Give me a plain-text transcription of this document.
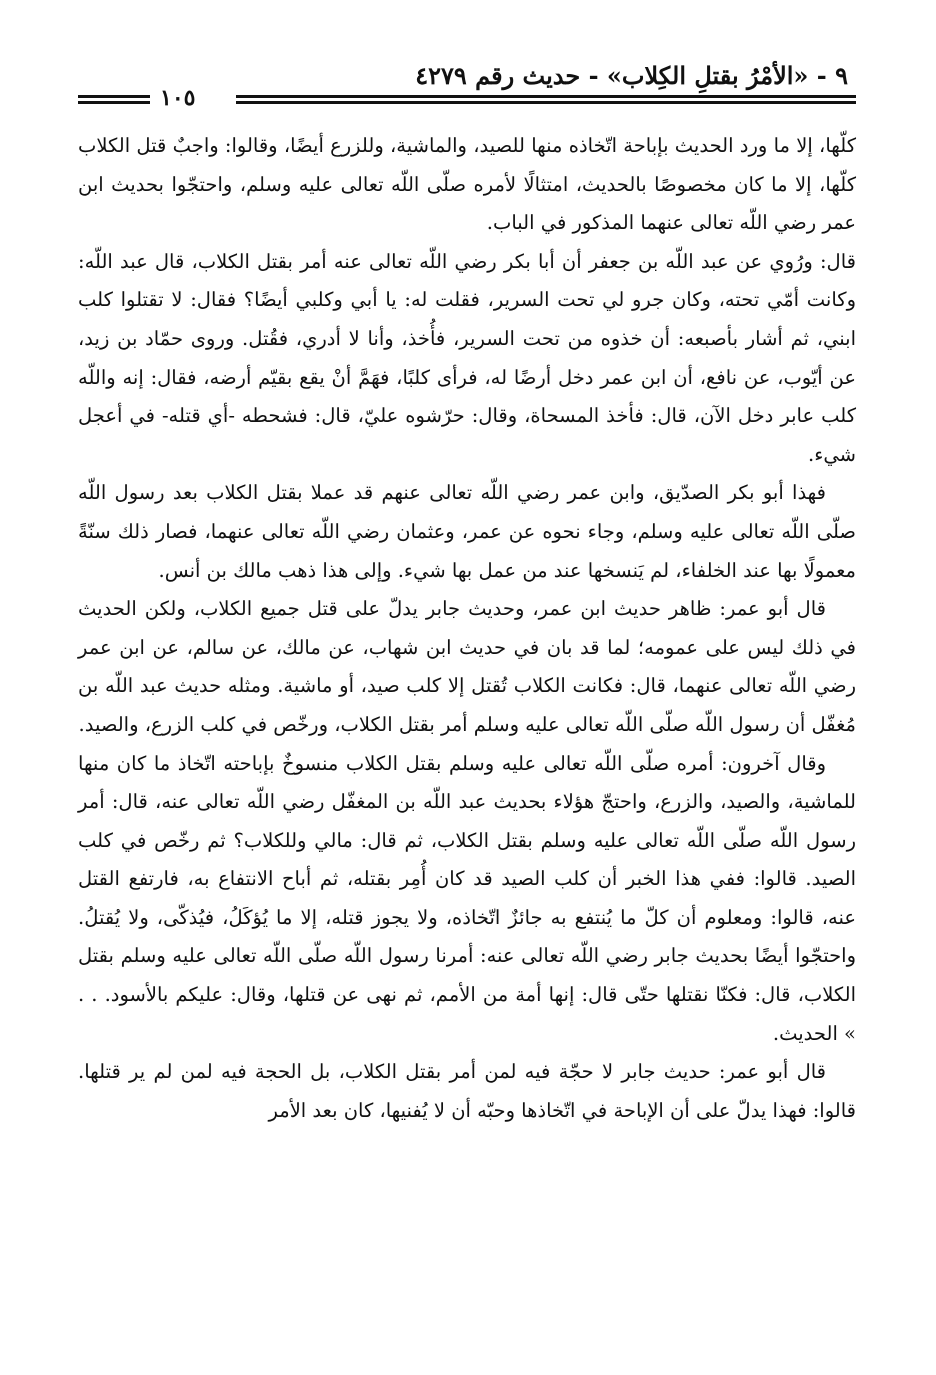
٩ - «الأمْرُ بقتلِ الكِلاب» - حديث رقم ٤٢٧٩
١٠٥

كلّها، إلا ما ورد الحديث بإباحة اتّخاذه منها للصيد، والماشية، وللزرع أيضًا، وقالوا: واجبٌ قتل الكلاب كلّها، إلا ما كان مخصوصًا بالحديث، امتثالًا لأمره صلّى اللّه تعالى عليه وسلم، واحتجّوا بحديث ابن عمر رضي اللّه تعالى عنهما المذكور في الباب.

قال: ورُوي عن عبد اللّه بن جعفر أن أبا بكر رضي اللّه تعالى عنه أمر بقتل الكلاب، قال عبد اللّه: وكانت أمّي تحته، وكان جرو لي تحت السرير، فقلت له: يا أبي وكلبي أيضًا؟ فقال: لا تقتلوا كلب ابني، ثم أشار بأصبعه: أن خذوه من تحت السرير، فأُخذ، وأنا لا أدري، فقُتل. وروى حمّاد بن زيد، عن أيّوب، عن نافع، أن ابن عمر دخل أرضًا له، فرأى كلبًا، فهَمَّ أنْ يقع بقيّم أرضه، فقال: إنه واللّه كلب عابر دخل الآن، قال: فأخذ المسحاة، وقال: حرّشوه عليّ، قال: فشحطه -أي قتله- في أعجل شيء.

فهذا أبو بكر الصدّيق، وابن عمر رضي اللّه تعالى عنهم قد عملا بقتل الكلاب بعد رسول اللّه صلّى اللّه تعالى عليه وسلم، وجاء نحوه عن عمر، وعثمان رضي اللّه تعالى عنهما، فصار ذلك سنّةً معمولًا بها عند الخلفاء، لم يَنسخها عند من عمل بها شيء. وإلى هذا ذهب مالك بن أنس.

قال أبو عمر: ظاهر حديث ابن عمر، وحديث جابر يدلّ على قتل جميع الكلاب، ولكن الحديث في ذلك ليس على عمومه؛ لما قد بان في حديث ابن شهاب، عن مالك، عن سالم، عن ابن عمر رضي اللّه تعالى عنهما، قال: فكانت الكلاب تُقتل إلا كلب صيد، أو ماشية. ومثله حديث عبد اللّه بن مُغفّل أن رسول اللّه صلّى اللّه تعالى عليه وسلم أمر بقتل الكلاب، ورخّص في كلب الزرع، والصيد.

وقال آخرون: أمره صلّى اللّه تعالى عليه وسلم بقتل الكلاب منسوخٌ بإباحته اتّخاذ ما كان منها للماشية، والصيد، والزرع، واحتجّ هؤلاء بحديث عبد اللّه بن المغفّل رضي اللّه تعالى عنه، قال: أمر رسول اللّه صلّى اللّه تعالى عليه وسلم بقتل الكلاب، ثم قال: مالي وللكلاب؟ ثم رخّص في كلب الصيد. قالوا: ففي هذا الخبر أن كلب الصيد قد كان أُمِر بقتله، ثم أباح الانتفاع به، فارتفع القتل عنه، قالوا: ومعلوم أن كلّ ما يُنتفع به جائزٌ اتّخاذه، ولا يجوز قتله، إلا ما يُؤكَلُ، فيُذكّى، ولا يُقتلُ. واحتجّوا أيضًا بحديث جابر رضي اللّه تعالى عنه: أمرنا رسول اللّه صلّى اللّه تعالى عليه وسلم بقتل الكلاب، قال: فكنّا نقتلها حتّى قال: إنها أمة من الأمم، ثم نهى عن قتلها، وقال: عليكم بالأسود. . . » الحديث.

قال أبو عمر: حديث جابر لا حجّة فيه لمن أمر بقتل الكلاب، بل الحجة فيه لمن لم ير قتلها. قالوا: فهذا يدلّ على أن الإباحة في اتّخاذها وحبّه أن لا يُفنيها، كان بعد الأمر
